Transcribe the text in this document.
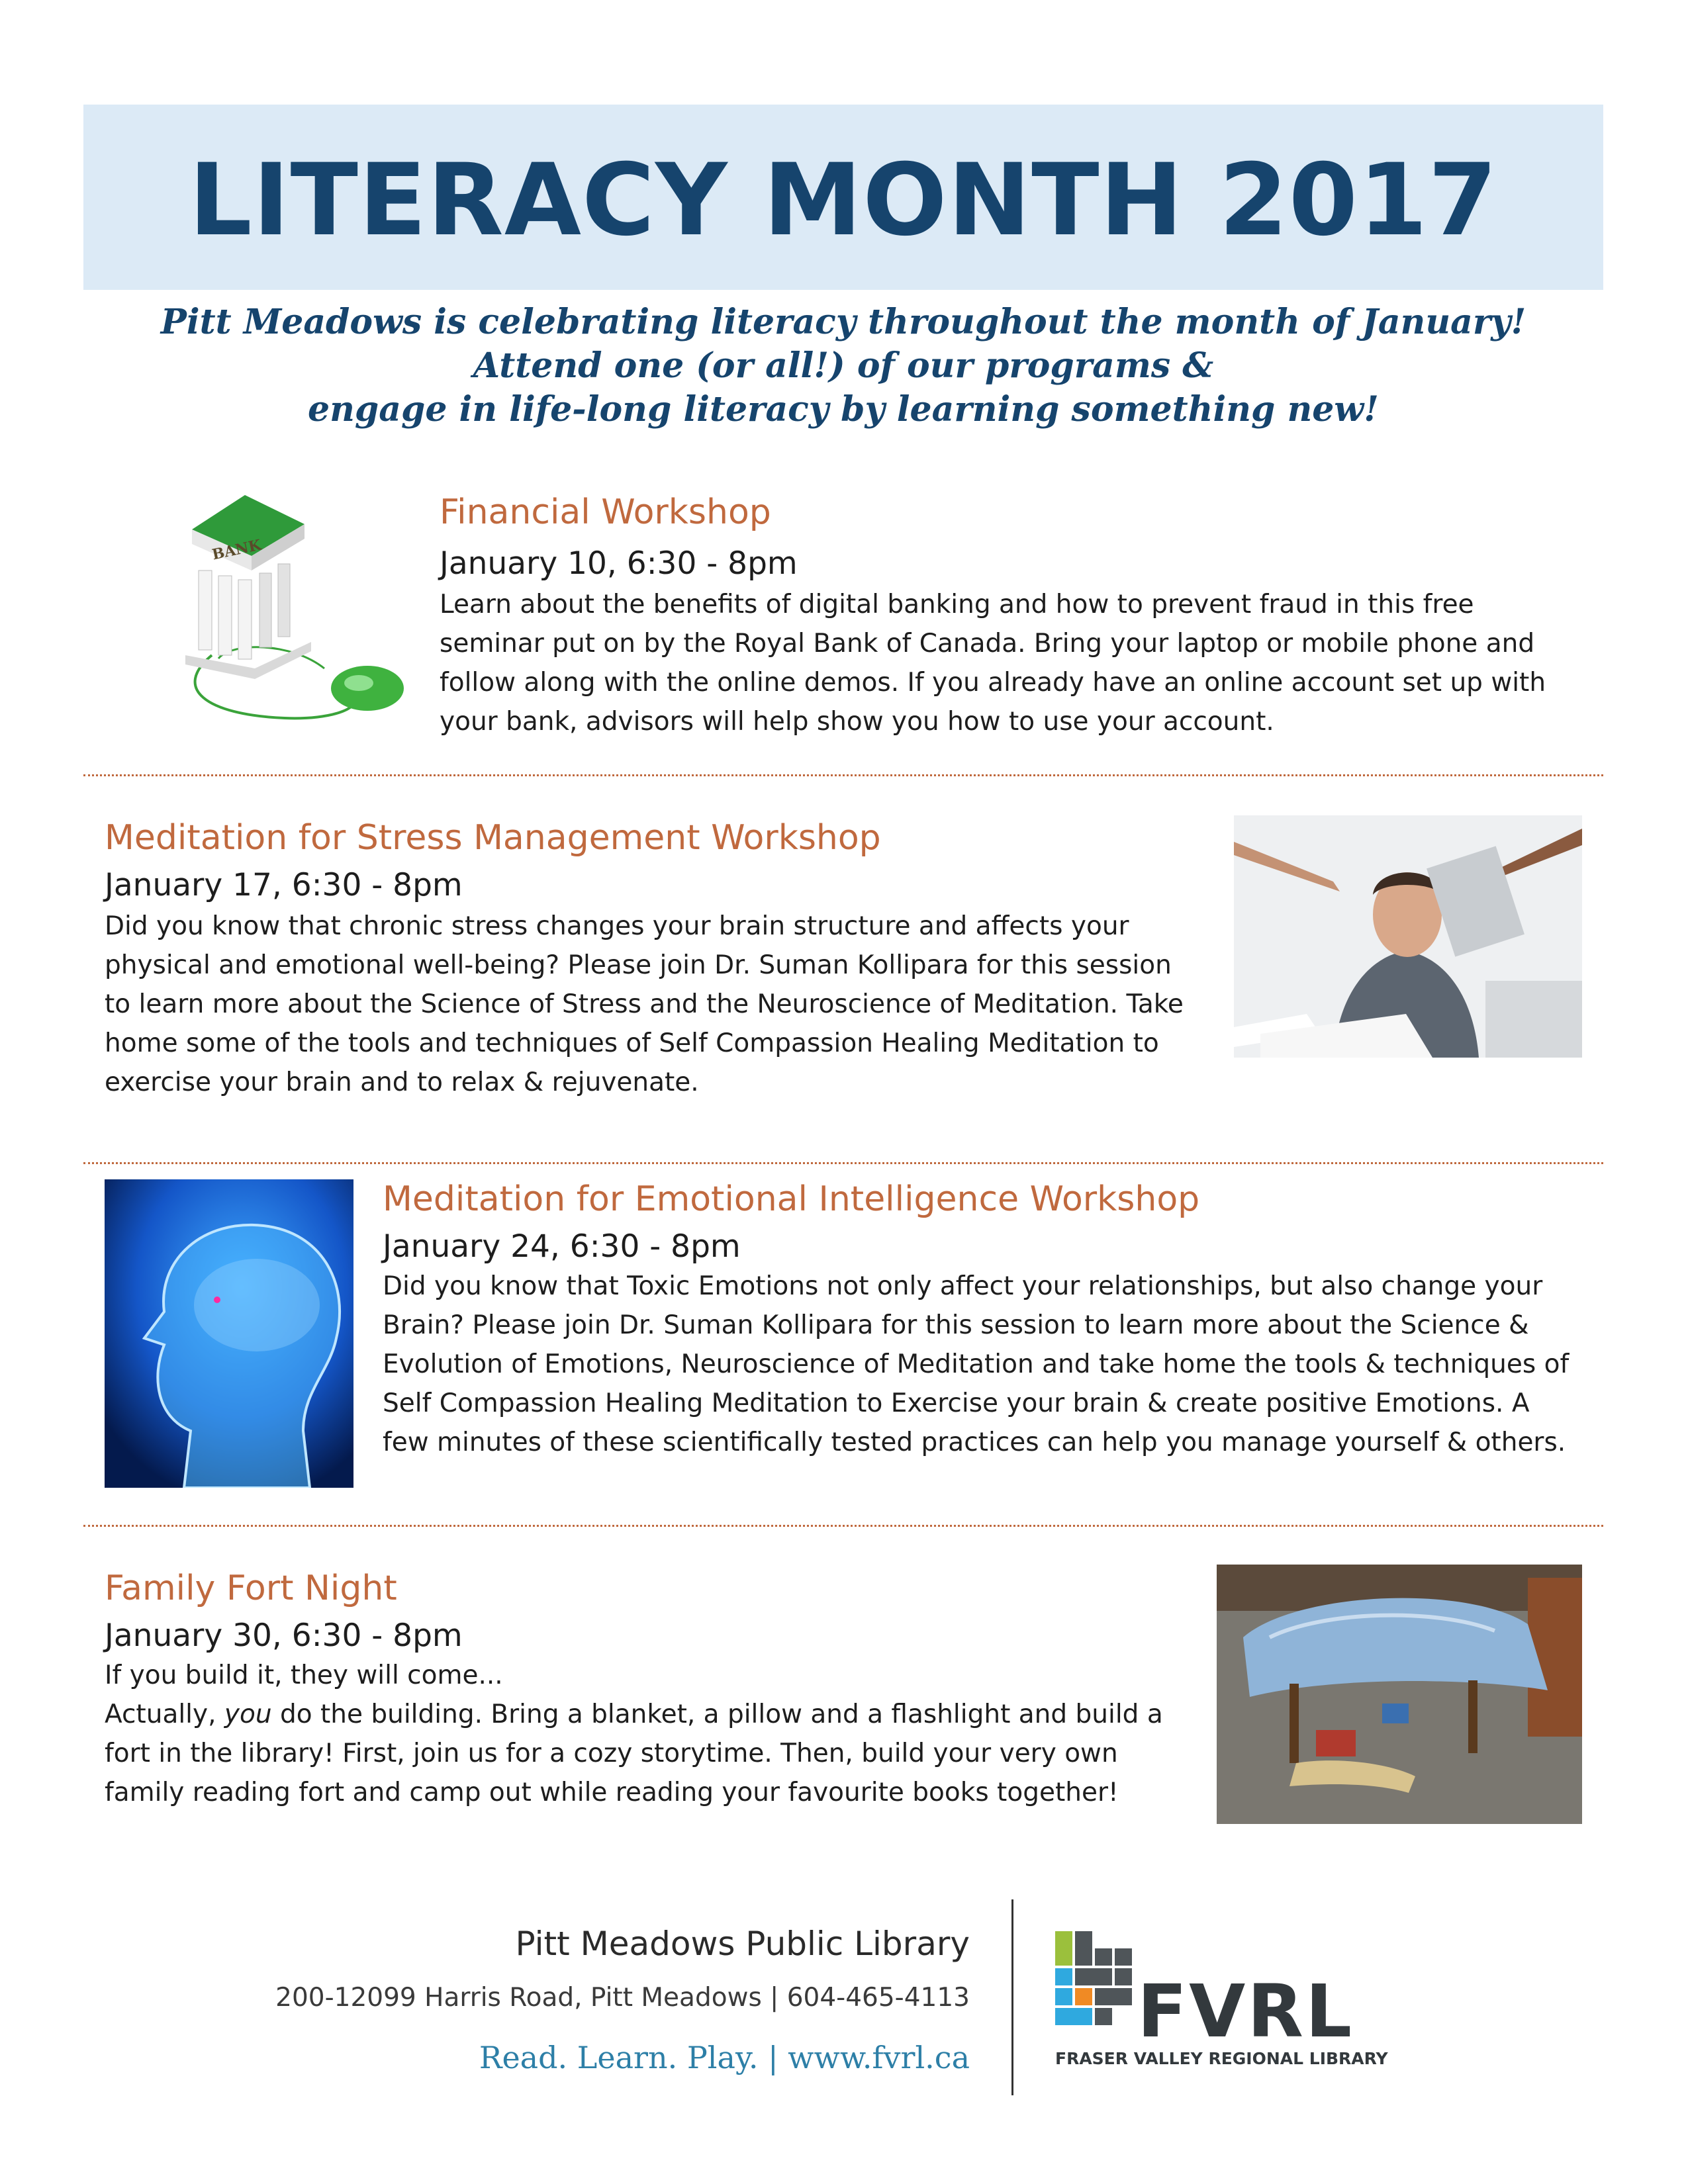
LITERACY MONTH 2017
Pitt Meadows is celebrating literacy throughout the month of January!
Attend one (or all!) of our programs &
engage in life-long literacy by learning something new!
BANK
Financial Workshop
January 10, 6:30 - 8pm
Learn about the benefits of digital banking and how to prevent fraud in this free
seminar put on by the Royal Bank of Canada. Bring your laptop or mobile phone and
follow along with the online demos. If you already have an online account set up with
your bank, advisors will help show you how to use your account.
Meditation for Stress Management Workshop
January 17, 6:30 - 8pm
Did you know that chronic stress changes your brain structure and affects your
physical and emotional well-being? Please join Dr. Suman Kollipara for this session
to learn more about the Science of Stress and the Neuroscience of Meditation. Take
home some of the tools and techniques of Self Compassion Healing Meditation to
exercise your brain and to relax & rejuvenate.
Meditation for Emotional Intelligence Workshop
January 24, 6:30 - 8pm
Did you know that Toxic Emotions not only affect your relationships, but also change your
Brain? Please join Dr. Suman Kollipara for this session to learn more about the Science &
Evolution of Emotions, Neuroscience of Meditation and take home the tools & techniques of
Self Compassion Healing Meditation to Exercise your brain & create positive Emotions. A
few minutes of these scientifically tested practices can help you manage yourself & others.
Family Fort Night
January 30, 6:30 - 8pm
If you build it, they will come...
Actually, you do the building. Bring a blanket, a pillow and a flashlight and build a
fort in the library! First, join us for a cozy storytime. Then, build your very own
family reading fort and camp out while reading your favourite books together!
Pitt Meadows Public Library
200-12099 Harris Road, Pitt Meadows | 604-465-4113
Read. Learn. Play. | www.fvrl.ca
FVRL
FRASER VALLEY REGIONAL LIBRARY
